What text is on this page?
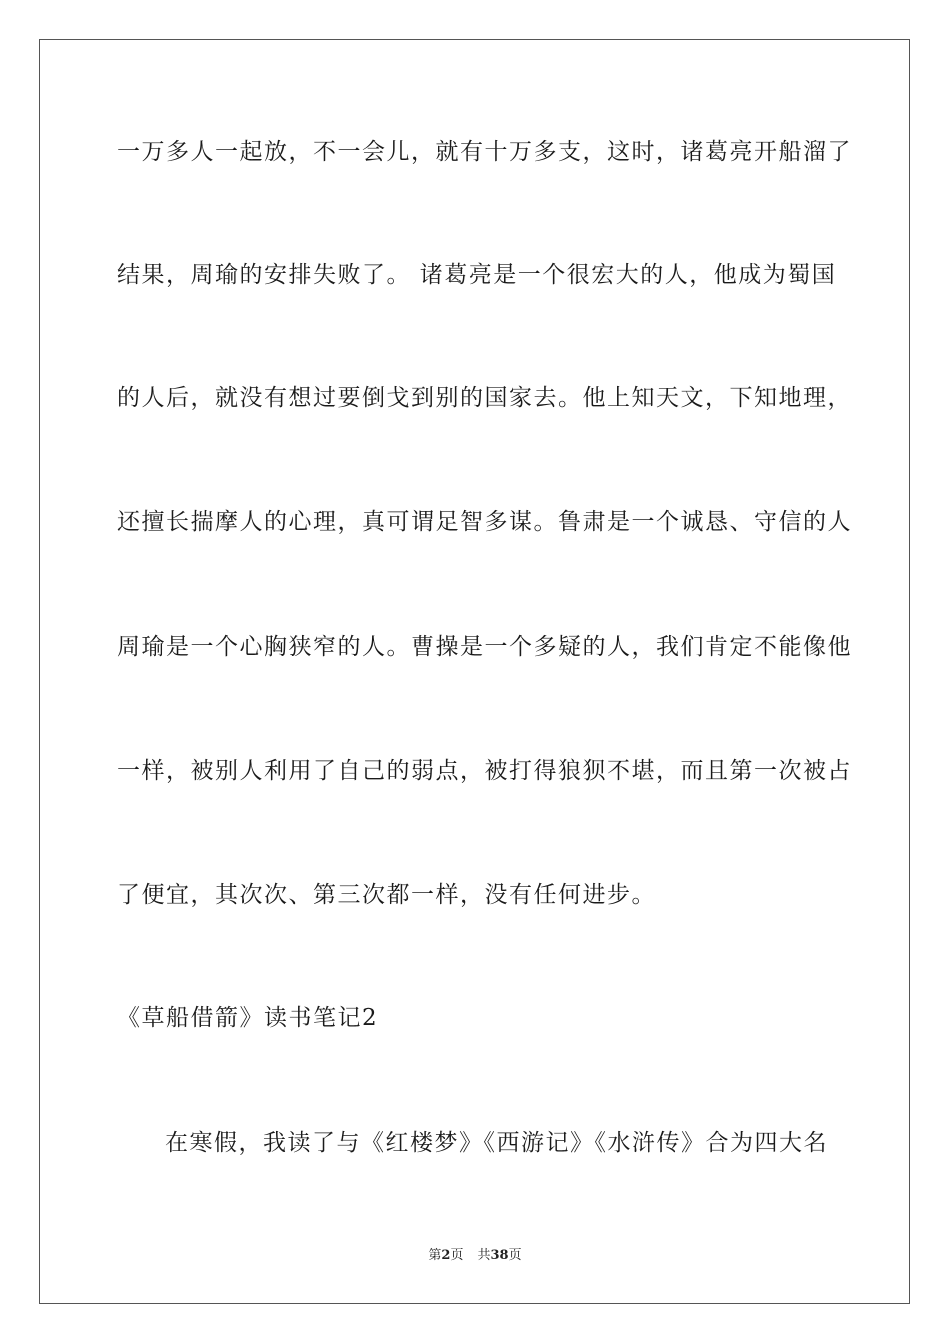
一万多人一起放，不一会儿，就有十万多支，这时，诸葛亮开船溜了
结果，周瑜的安排失败了。 诸葛亮是一个很宏大的人，他成为蜀国
的人后，就没有想过要倒戈到别的国家去。他上知天文，下知地理，
还擅长揣摩人的心理，真可谓足智多谋。鲁肃是一个诚恳、守信的人
周瑜是一个心胸狭窄的人。曹操是一个多疑的人，我们肯定不能像他
一样，被别人利用了自己的弱点，被打得狼狈不堪，而且第一次被占
了便宜，其次次、第三次都一样，没有任何进步。
《草船借箭》读书笔记2
在寒假，我读了与《红楼梦》《西游记》《水浒传》合为四大名
第2页 共38页
